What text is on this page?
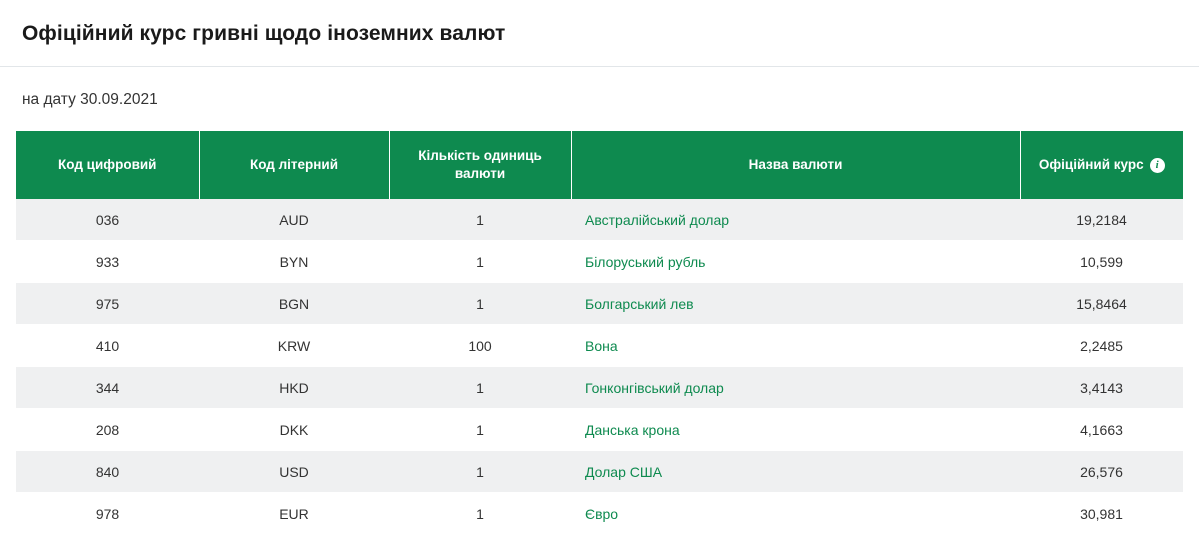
Офіційний курс гривні щодо іноземних валют
на дату 30.09.2021
Код цифровий	Код літерний	Кількість одиниць валюти	Назва валюти	Офіційний курс i
036	AUD	1	Австралійський долар	19,2184
933	BYN	1	Білоруський рубль	10,599
975	BGN	1	Болгарський лев	15,8464
410	KRW	100	Вона	2,2485
344	HKD	1	Гонконгівський долар	3,4143
208	DKK	1	Данська крона	4,1663
840	USD	1	Долар США	26,576
978	EUR	1	Євро	30,981
